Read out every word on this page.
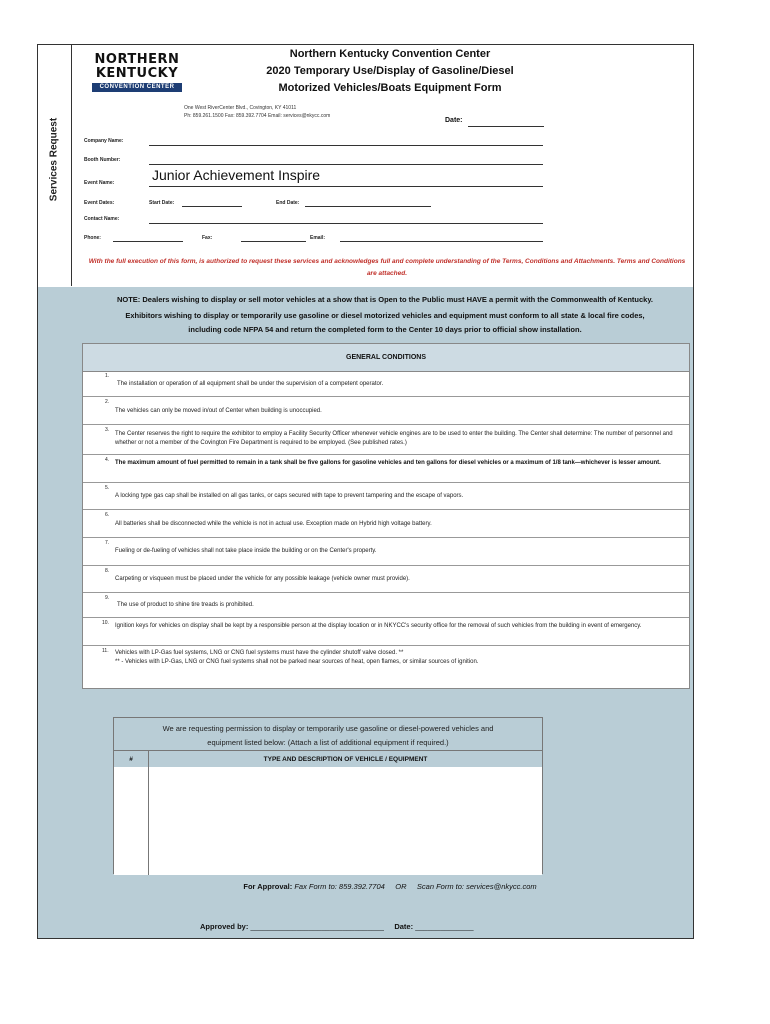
Services Request
NORTHERN
KENTUCKY
CONVENTION CENTER
Northern Kentucky Convention Center
2020 Temporary Use/Display of Gasoline/Diesel
Motorized Vehicles/Boats Equipment Form
One West RiverCenter Blvd., Covington, KY 41011
Ph: 859.261.1500 Fax: 859.392.7704 Email: services@nkycc.com
Date:
Company Name:
Booth Number:
Event Name:	Junior Achievement Inspire
Event Dates:	Start Date:	End Date:
Contact Name:
Phone:	Fax:	Email:
With the full execution of this form, is authorized to request these services and acknowledges full and complete understanding of the Terms, Conditions and Attachments. Terms and Conditions are attached.
NOTE: Dealers wishing to display or sell motor vehicles at a show that is Open to the Public must HAVE a permit with the Commonwealth of Kentucky.
Exhibitors wishing to display or temporarily use gasoline or diesel motorized vehicles and equipment must conform to all state & local fire codes,
including code NFPA 54 and return the completed form to the Center 10 days prior to official show installation.
GENERAL CONDITIONS
1.
The installation or operation of all equipment shall be under the supervision of a competent operator.
2.
The vehicles can only be moved in/out of Center when building is unoccupied.
3.
The Center reserves the right to require the exhibitor to employ a Facility Security Officer whenever vehicle engines are to be used to enter the building. The Center shall determine: The number of personnel and whether or not a member of the Covington Fire Department is required to be employed. (See published rates.)
4. The maximum amount of fuel permitted to remain in a tank shall be five gallons for gasoline vehicles and ten gallons for diesel vehicles or a maximum of 1/8 tank—whichever is lesser amount.
5.
A locking type gas cap shall be installed on all gas tanks, or caps secured with tape to prevent tampering and the escape of vapors.
6.
All batteries shall be disconnected while the vehicle is not in actual use. Exception made on Hybrid high voltage battery.
7.
Fueling or de-fueling of vehicles shall not take place inside the building or on the Center's property.
8.
Carpeting or visqueen must be placed under the vehicle for any possible leakage (vehicle owner must provide).
9.
The use of product to shine tire treads is prohibited.
10. Ignition keys for vehicles on display shall be kept by a responsible person at the display location or in NKYCC's security office for the removal of such vehicles from the building in event of emergency.
11. Vehicles with LP-Gas fuel systems, LNG or CNG fuel systems must have the cylinder shutoff valve closed. **
** - Vehicles with LP-Gas, LNG or CNG fuel systems shall not be parked near sources of heat, open flames, or similar sources of ignition.
We are requesting permission to display or temporarily use gasoline or diesel-powered vehicles and
equipment listed below: (Attach a list of additional equipment if required.)
#	TYPE AND DESCRIPTION OF VEHICLE / EQUIPMENT
For Approval: Fax Form to: 859.392.7704 OR Scan Form to: services@nkycc.com
Approved by: ________________________________ Date: ______________
